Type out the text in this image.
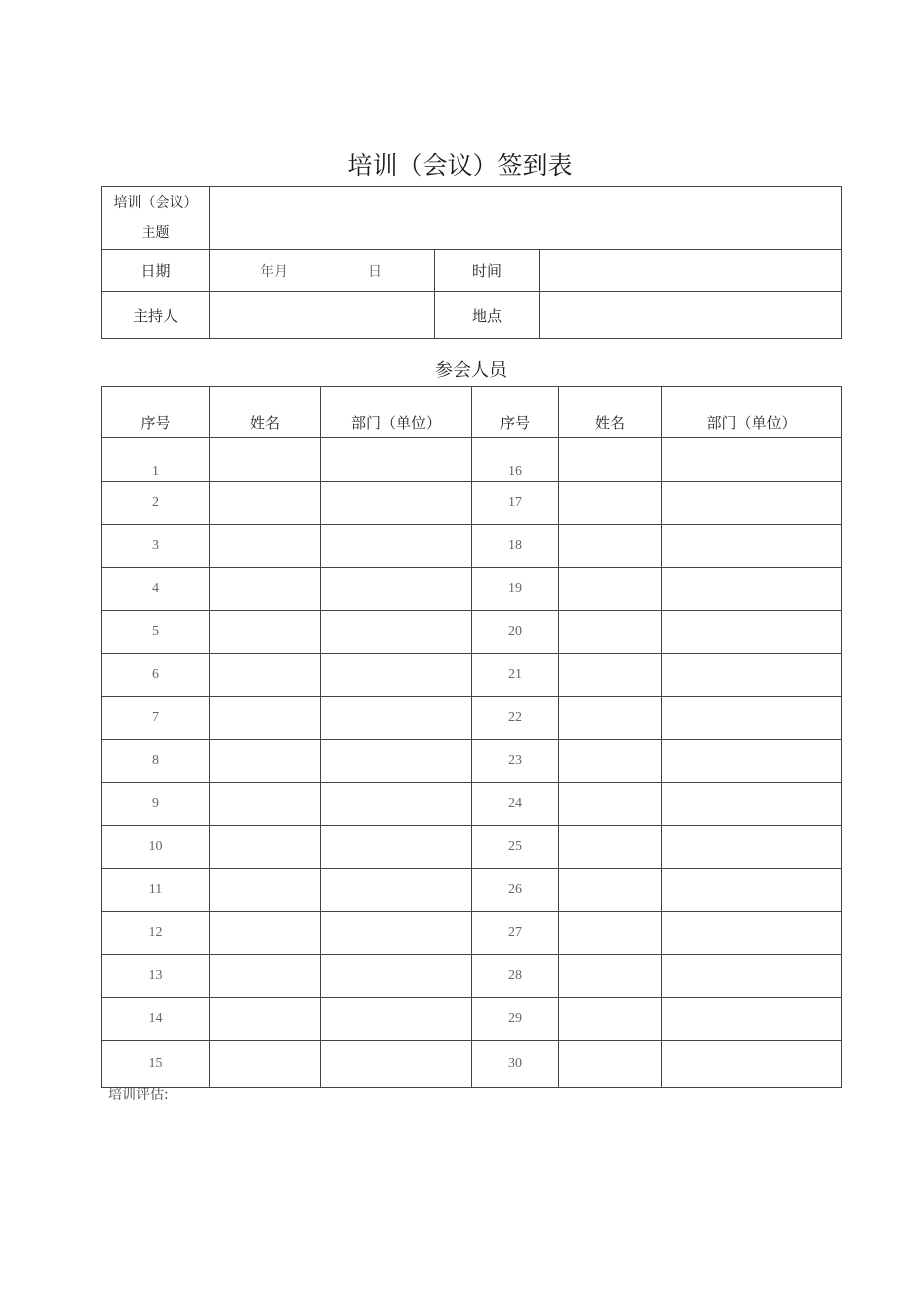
培训（会议）签到表
培训（会议）
主题			

日期	年月 日	时间	
主持人		地点	
参会人员
序号	姓名	部门（单位）	序号	姓名	部门（单位）
1			16		
2			17		
3			18		
4			19		
5			20		
6			21		
7			22		
8			23		
9			24		
10			25		
11			26		
12			27		
13			28		
14			29		
15			30		
培训评估:
